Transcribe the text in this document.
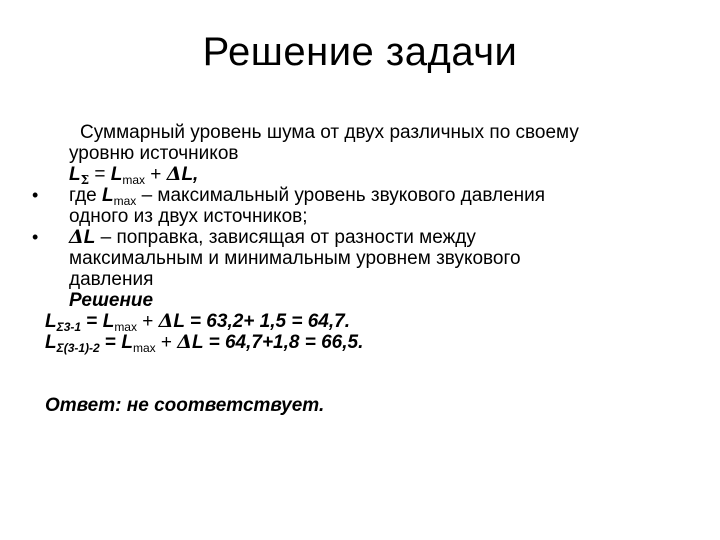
Решение задачи
Суммарный уровень шума от двух различных по своему
уровню источников
$L_\Sigma = L_{max} + \Delta L$,
• где $L_{max}$ – максимальный уровень звукового давления
одного из двух источников;
• ΔL – поправка, зависящая от разности между
максимальным и минимальным уровнем звукового
давления
Решение
$L_{\Sigma 3-1} = L_{max} + \Delta L = 63,2+ 1,5 = 64,7$.
$L_{\Sigma(3-1)-2} = L_{max} + \Delta L = 64,7+1,8 = 66,5$.
Ответ: не соответствует.
